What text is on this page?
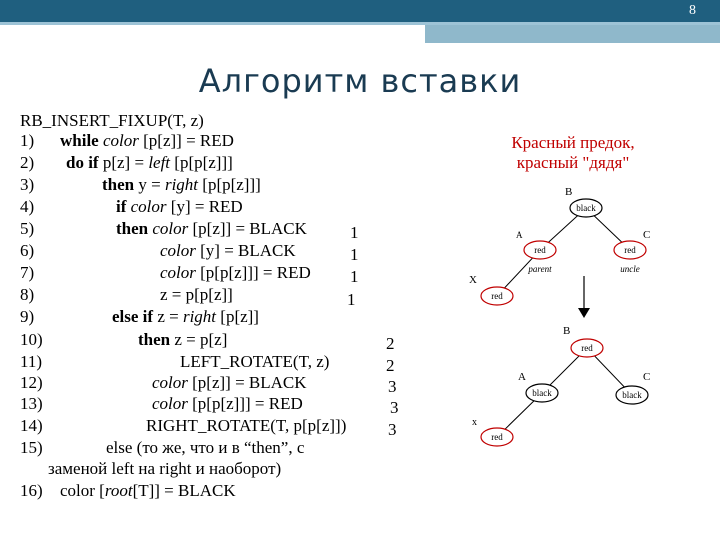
8
Алгоритм вставки
RB_INSERT_FIXUP(T, z)
1) while color [p[z]] = RED
2) do if p[z] = left [p[p[z]]]
3)	then y = right [p[p[z]]]
4)	if color [y] = RED
5)	then color [p[z]] = BLACK
6)	color [y] = BLACK
7)	color [p[p[z]]] = RED
8)	z = p[p[z]]
9)	else if z = right [p[z]]
10)	then z = p[z]
11)	LEFT_ROTATE(T, z)
12)	color [p[z]] = BLACK
13)	color [p[p[z]]] = RED
14)	RIGHT_ROTATE(T, p[p[z]])
15)	else (то же, что и в “then”, с
заменой left на right и наоборот)
16) color [root[T]] = BLACK
1
1
1
1
2
2
3
3
3
Красный предок,
красный "дядя"
black
red	red
red
B
A	C
X
parent	uncle
red
black	black
red
B
A	C
x
